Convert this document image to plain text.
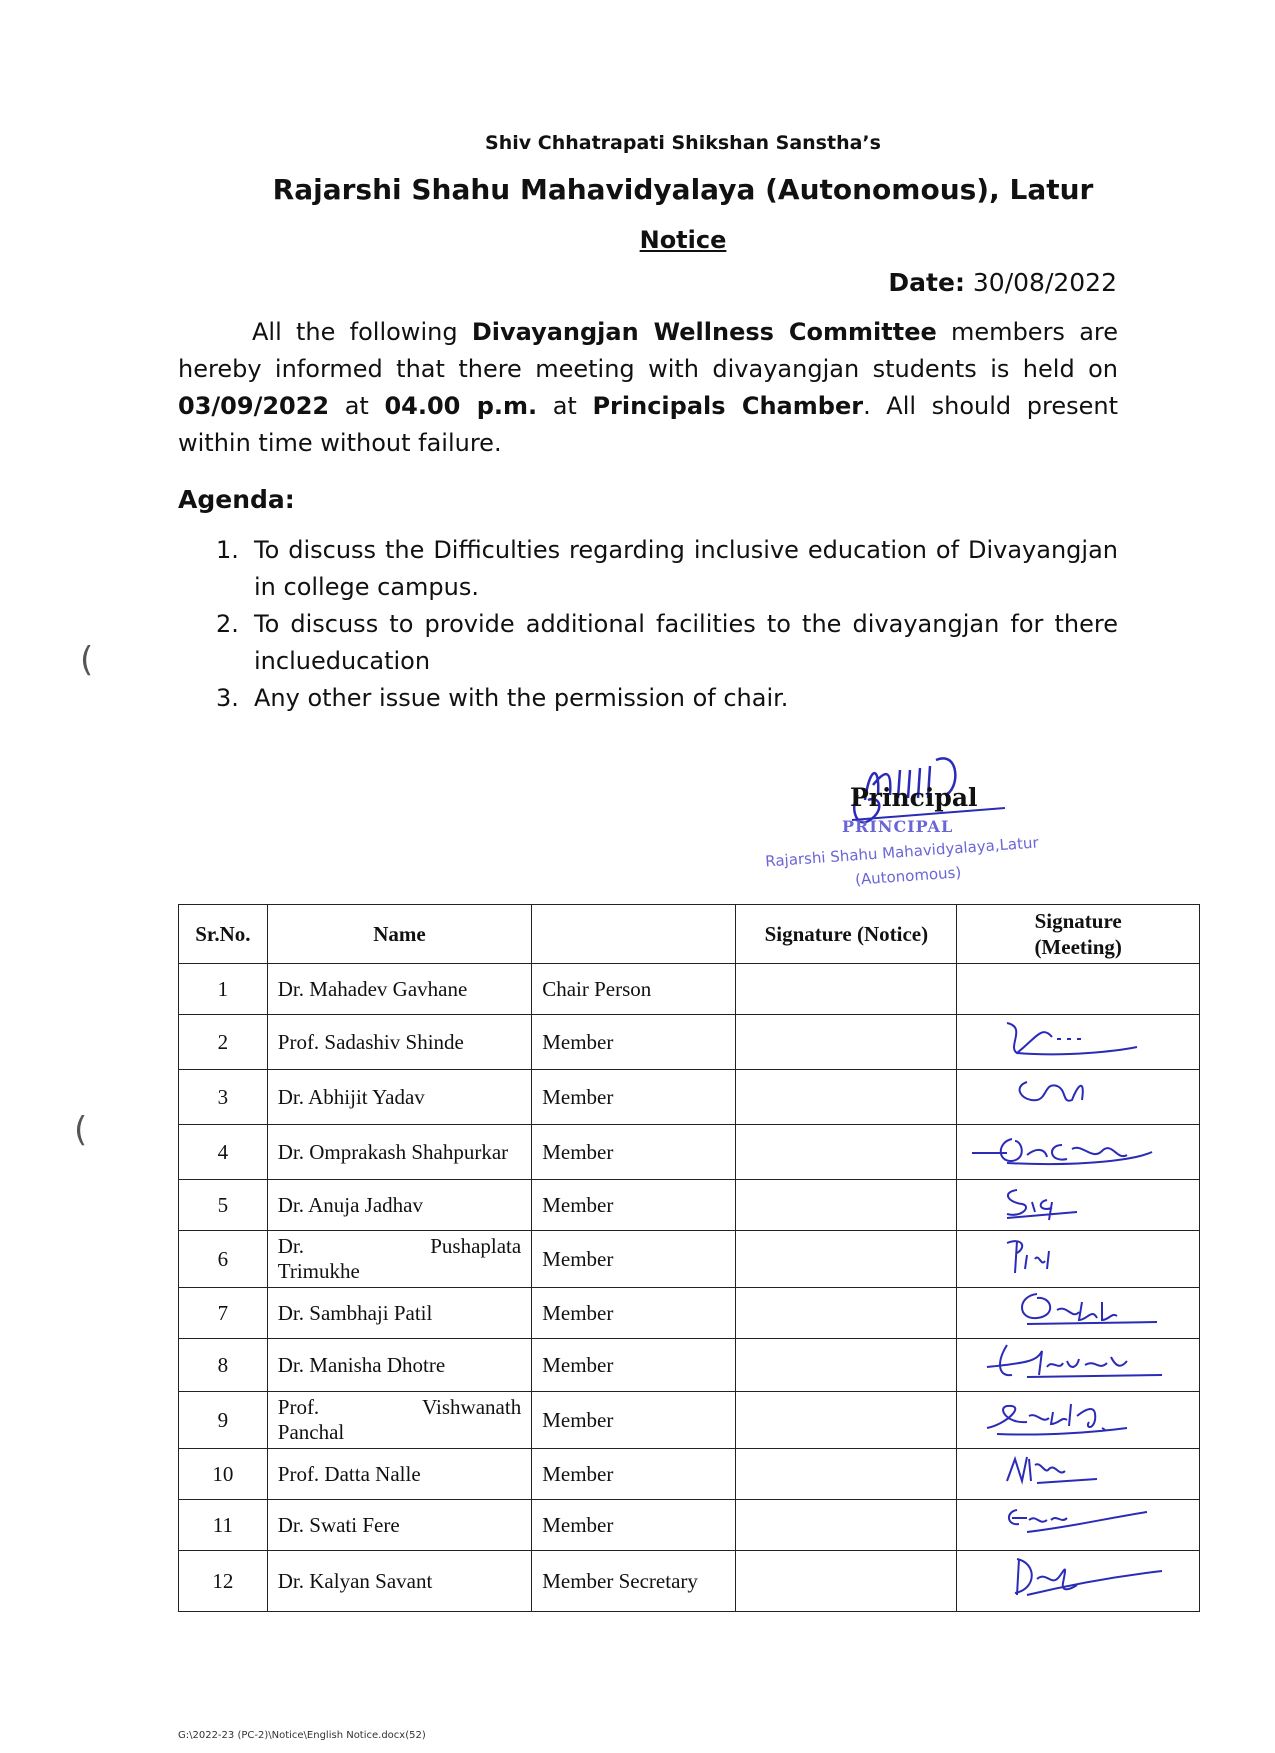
(
(
Shiv Chhatrapati Shikshan Sanstha’s
Rajarshi Shahu Mahavidyalaya (Autonomous), Latur
Notice
Date: 30/08/2022
All the following Divayangjan Wellness Committee members are hereby informed that there meeting with divayangjan students is held on 03/09/2022 at 04.00 p.m. at Principals Chamber. All should present within time without failure.
Agenda:
1. To discuss the Difficulties regarding inclusive education of Divayangjan in college campus.
2. To discuss to provide additional facilities to the divayangjan for there inclueducation
3. Any other issue with the permission of chair.
Principal
PRINCIPAL
Rajarshi Shahu Mahavidyalaya,Latur
(Autonomous)
Sr.No.	Name		Signature (Notice)	Signature
(Meeting)
1	Dr. Mahadev Gavhane	Chair Person		
2	Prof. Sadashiv Shinde	Member		
3	Dr. Abhijit Yadav	Member		
4	Dr. Omprakash Shahpurkar	Member		
5	Dr. Anuja Jadhav	Member		
6	Dr. Pushaplata
Trimukhe	Member		
7	Dr. Sambhaji Patil	Member		
8	Dr. Manisha Dhotre	Member		
9	Prof. Vishwanath
Panchal	Member		
10	Prof. Datta Nalle	Member		
11	Dr. Swati Fere	Member		
12	Dr. Kalyan Savant	Member Secretary		
G:\2022-23 (PC-2)\Notice\English Notice.docx(52)
